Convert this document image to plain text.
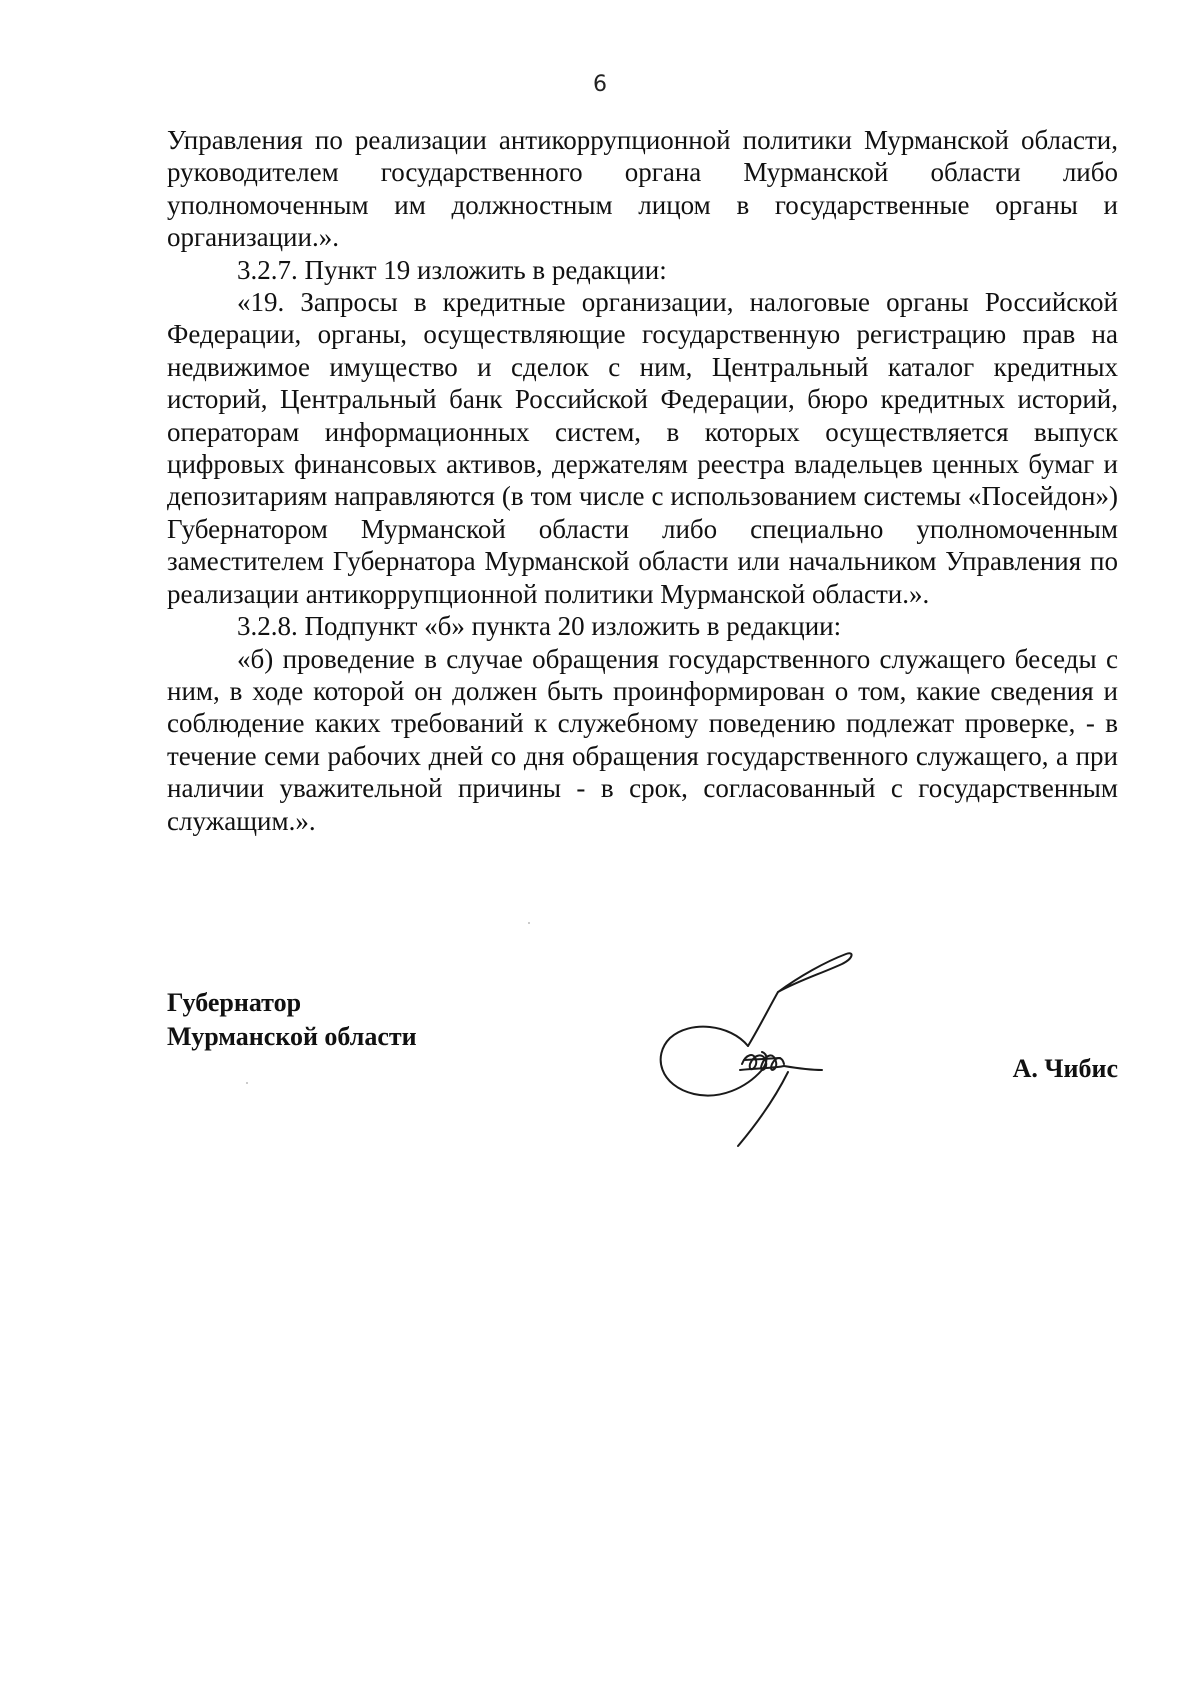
6

Управления по реализации антикоррупционной политики Мурманской области, руководителем государственного органа Мурманской области либо уполномоченным им должностным лицом в государственные органы и организации.».

3.2.7. Пункт 19 изложить в редакции:

«19. Запросы в кредитные организации, налоговые органы Российской Федерации, органы, осуществляющие государственную регистрацию прав на недвижимое имущество и сделок с ним, Центральный каталог кредитных историй, Центральный банк Российской Федерации, бюро кредитных историй, операторам информационных систем, в которых осуществляется выпуск цифровых финансовых активов, держателям реестра владельцев ценных бумаг и депозитариям направляются (в том числе с использованием системы «Посейдон») Губернатором Мурманской области либо специально уполномоченным заместителем Губернатора Мурманской области или начальником Управления по реализации антикоррупционной политики Мурманской области.».

3.2.8. Подпункт «б» пункта 20 изложить в редакции:

«б) проведение в случае обращения государственного служащего беседы с ним, в ходе которой он должен быть проинформирован о том, какие сведения и соблюдение каких требований к служебному поведению подлежат проверке, - в течение семи рабочих дней со дня обращения государственного служащего, а при наличии уважительной причины - в срок, согласованный с государственным служащим.».

Губернатор
Мурманской области
А. Чибис
